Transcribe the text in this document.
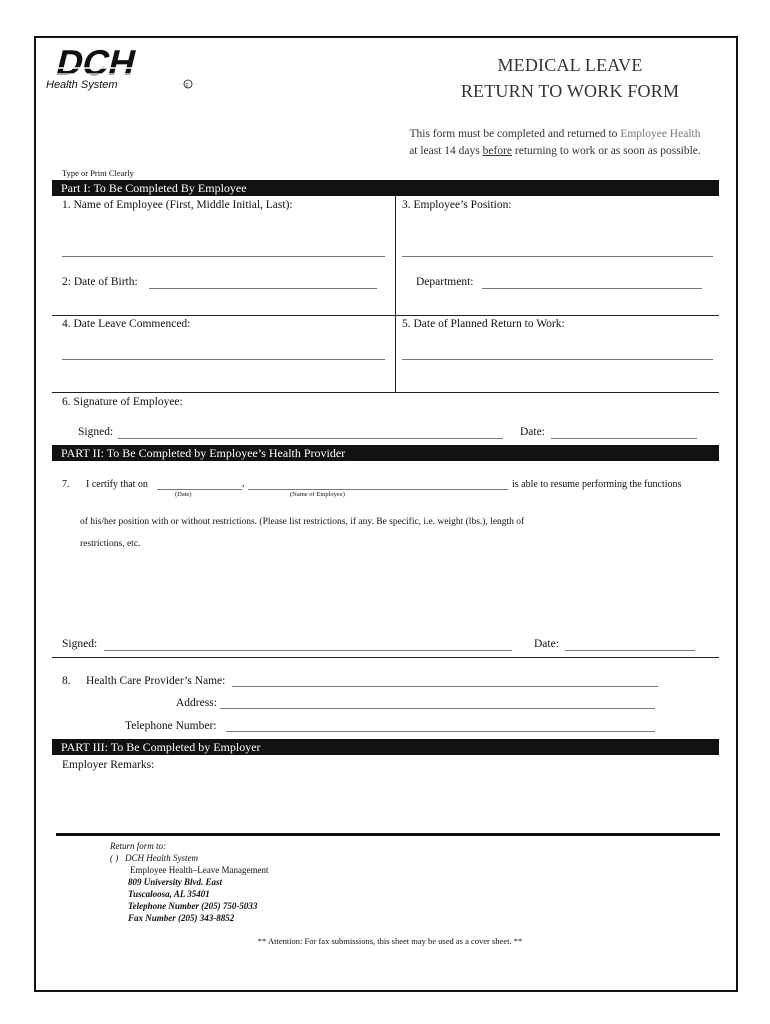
DCH
Health System	c
MEDICAL LEAVE
RETURN TO WORK FORM
This form must be completed and returned to Employee Health
at least 14 days before returning to work or as soon as possible.
Type or Print Clearly
Part I: To Be Completed By Employee
1. Name of Employee (First, Middle Initial, Last):	3. Employee’s Position:
2: Date of Birth:	Department:
4. Date Leave Commenced:	5. Date of Planned Return to Work:
6. Signature of Employee:
Signed:	Date:
PART II: To Be Completed by Employee’s Health Provider
7. I certify that on	,	is able to resume performing the functions
(Date)	(Name of Employee)
of his/her position with or without restrictions. (Please list restrictions, if any. Be specific, i.e. weight (lbs.), length of
restrictions, etc.
Signed:	Date:
8. Health Care Provider’s Name:
Address:
Telephone Number:
PART III: To Be Completed by Employer
Employer Remarks:
Return form to:
( ) DCH Health System
Employee Health–Leave Management
809 University Blvd. East
Tuscaloosa, AL 35401
Telephone Number (205) 750-5033
Fax Number (205) 343-8852
** Attention: For fax submissions, this sheet may be used as a cover sheet. **
